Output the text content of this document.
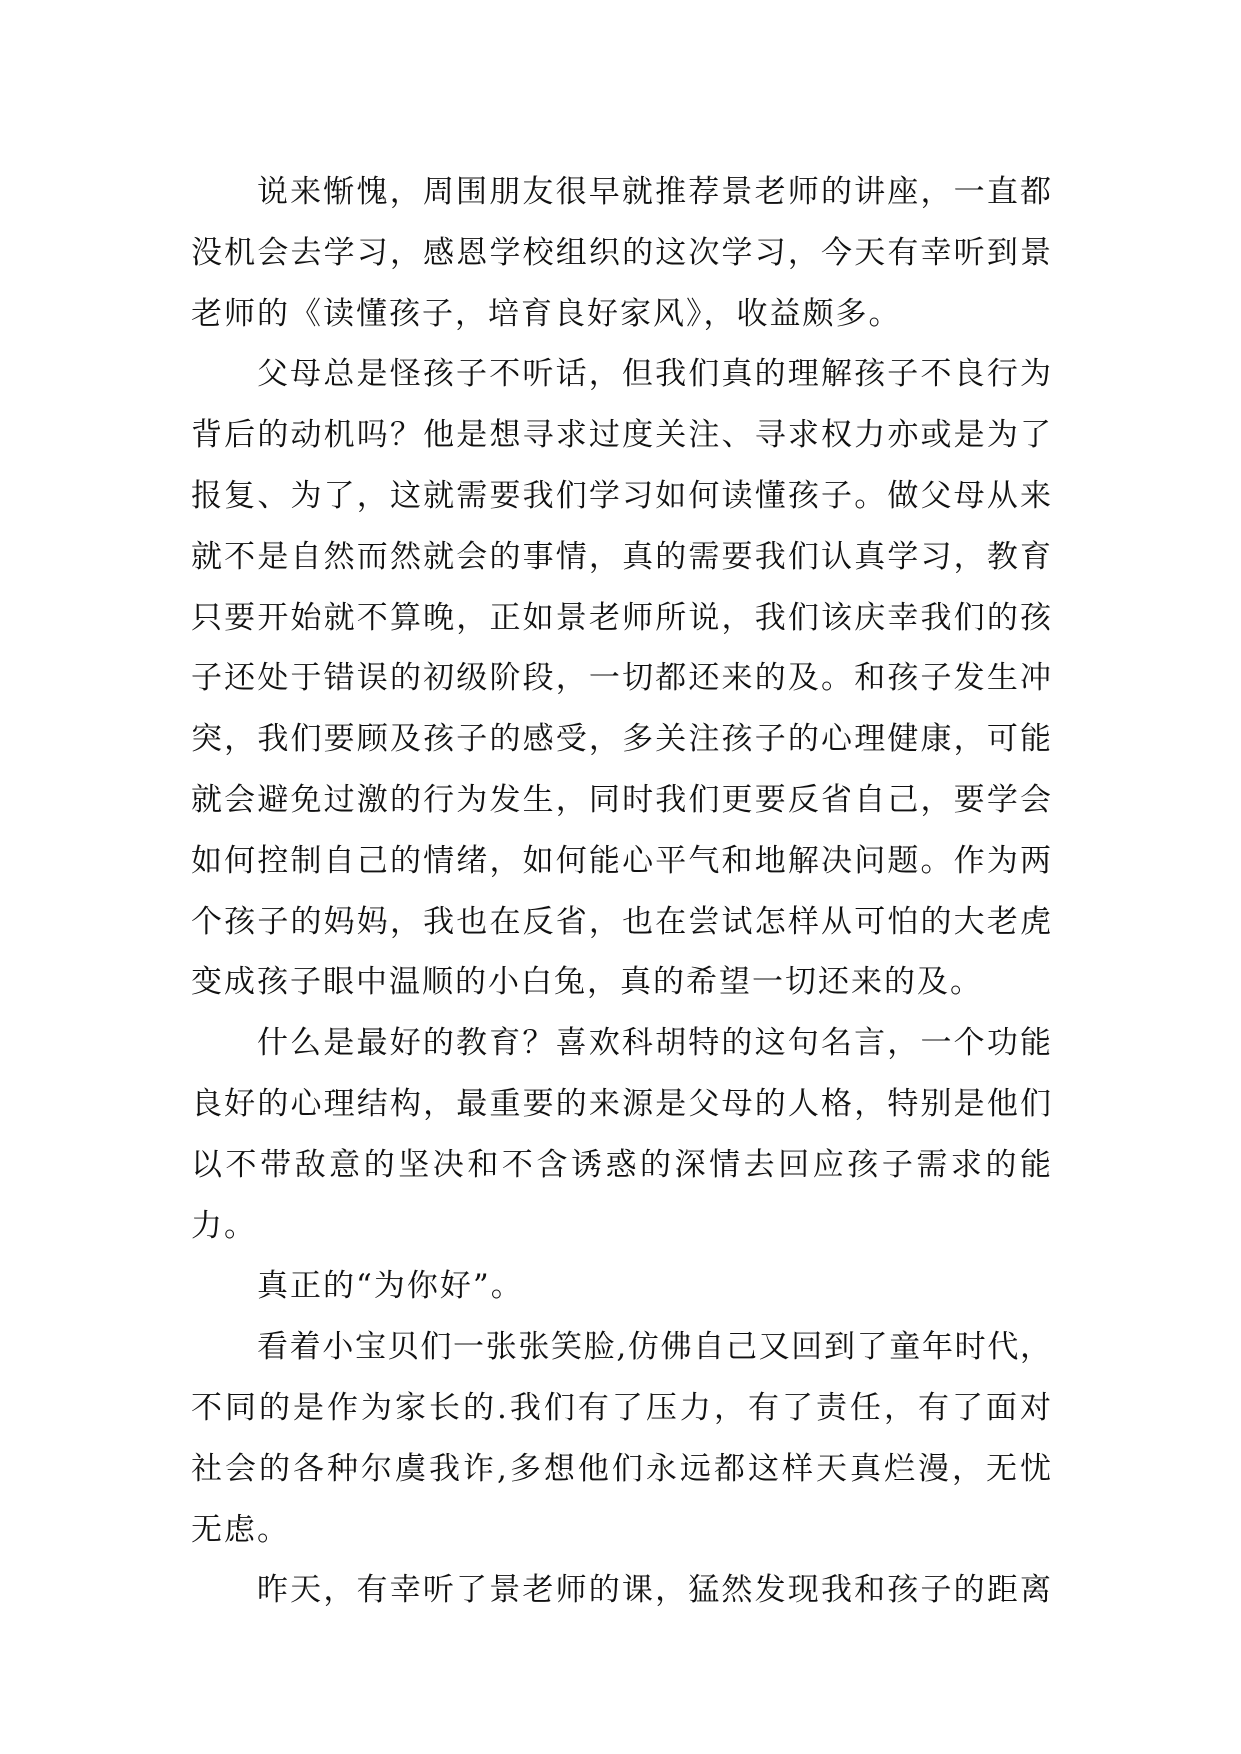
说来惭愧，周围朋友很早就推荐景老师的讲座，一直都
没机会去学习，感恩学校组织的这次学习，今天有幸听到景
老师的《读懂孩子，培育良好家风》，收益颇多。
父母总是怪孩子不听话，但我们真的理解孩子不良行为
背后的动机吗？他是想寻求过度关注、寻求权力亦或是为了
报复、为了，这就需要我们学习如何读懂孩子。做父母从来
就不是自然而然就会的事情，真的需要我们认真学习，教育
只要开始就不算晚，正如景老师所说，我们该庆幸我们的孩
子还处于错误的初级阶段，一切都还来的及。和孩子发生冲
突，我们要顾及孩子的感受，多关注孩子的心理健康，可能
就会避免过激的行为发生，同时我们更要反省自己，要学会
如何控制自己的情绪，如何能心平气和地解决问题。作为两
个孩子的妈妈，我也在反省，也在尝试怎样从可怕的大老虎
变成孩子眼中温顺的小白兔，真的希望一切还来的及。
什么是最好的教育？喜欢科胡特的这句名言，一个功能
良好的心理结构，最重要的来源是父母的人格，特别是他们
以不带敌意的坚决和不含诱惑的深情去回应孩子需求的能
力。
真正的“为你好”。
看着小宝贝们一张张笑脸,仿佛自己又回到了童年时代，
不同的是作为家长的.我们有了压力，有了责任，有了面对
社会的各种尔虞我诈,多想他们永远都这样天真烂漫，无忧
无虑。
昨天，有幸听了景老师的课，猛然发现我和孩子的距离
